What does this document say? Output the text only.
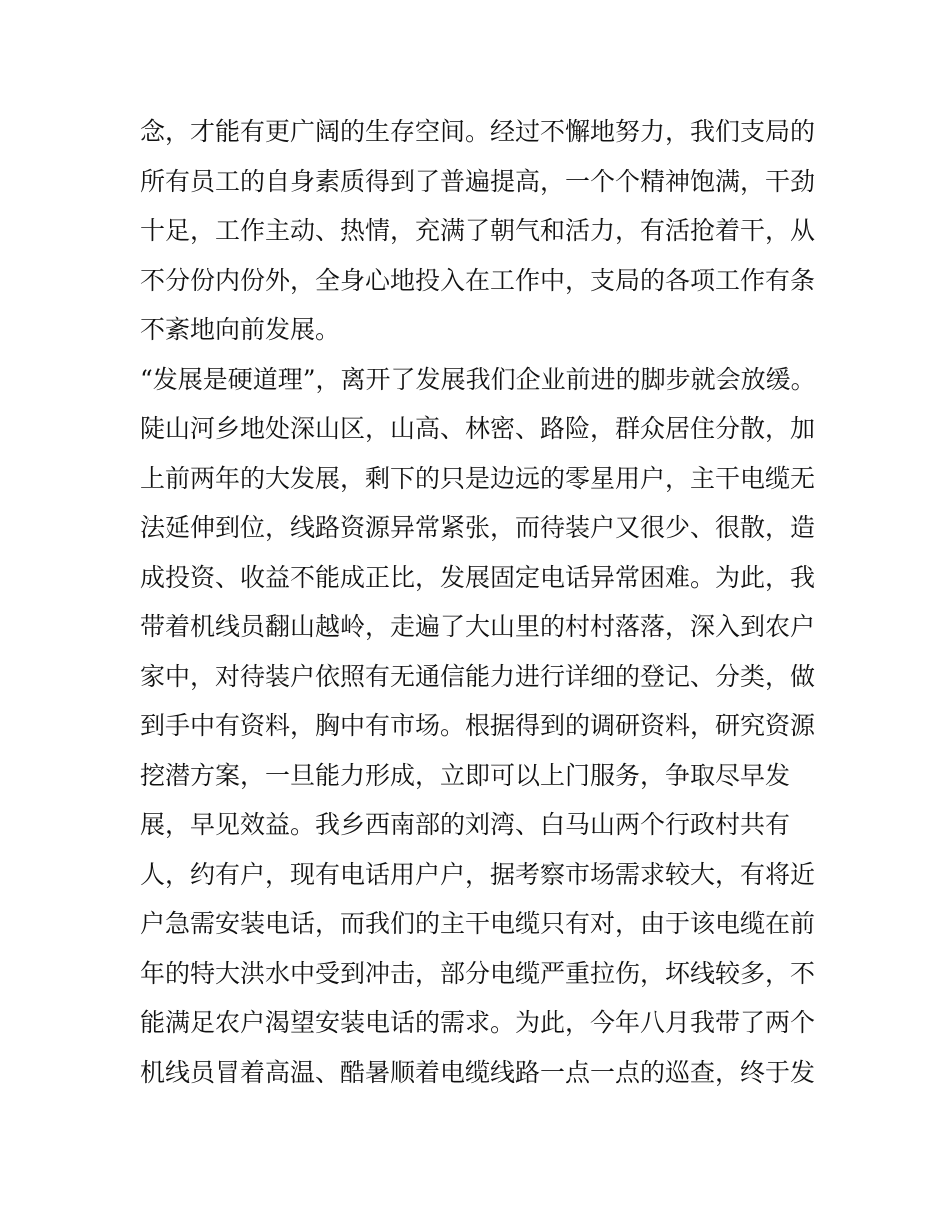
念，才能有更广阔的生存空间。经过不懈地努力，我们支局的
所有员工的自身素质得到了普遍提高，一个个精神饱满，干劲
十足，工作主动、热情，充满了朝气和活力，有活抢着干，从
不分份内份外，全身心地投入在工作中，支局的各项工作有条
不紊地向前发展。
“发展是硬道理”，离开了发展我们企业前进的脚步就会放缓。
陡山河乡地处深山区，山高、林密、路险，群众居住分散，加
上前两年的大发展，剩下的只是边远的零星用户，主干电缆无
法延伸到位，线路资源异常紧张，而待装户又很少、很散，造
成投资、收益不能成正比，发展固定电话异常困难。为此，我
带着机线员翻山越岭，走遍了大山里的村村落落，深入到农户
家中，对待装户依照有无通信能力进行详细的登记、分类，做
到手中有资料，胸中有市场。根据得到的调研资料，研究资源
挖潜方案，一旦能力形成，立即可以上门服务，争取尽早发
展，早见效益。我乡西南部的刘湾、白马山两个行政村共有
人，约有户，现有电话用户户，据考察市场需求较大，有将近
户急需安装电话，而我们的主干电缆只有对，由于该电缆在前
年的特大洪水中受到冲击，部分电缆严重拉伤，坏线较多，不
能满足农户渴望安装电话的需求。为此，今年八月我带了两个
机线员冒着高温、酷暑顺着电缆线路一点一点的巡查，终于发
